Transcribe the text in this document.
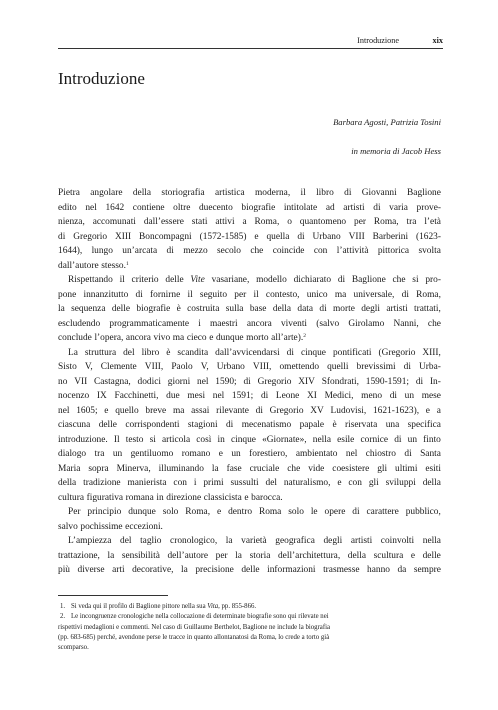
Introduzione	xix
Introduzione
Barbara Agosti, Patrizia Tosini
in memoria di Jacob Hess
Pietra angolare della storiografia artistica moderna, il libro di Giovanni Baglione
edito nel 1642 contiene oltre duecento biografie intitolate ad artisti di varia prove-
nienza, accomunati dall’essere stati attivi a Roma, o quantomeno per Roma, tra l’età
di Gregorio XIII Boncompagni (1572-1585) e quella di Urbano VIII Barberini (1623-
1644), lungo un’arcata di mezzo secolo che coincide con l’attività pittorica svolta
dall’autore stesso.$^1$
Rispettando il criterio delle Vite vasariane, modello dichiarato di Baglione che si pro-
pone innanzitutto di fornirne il seguito per il contesto, unico ma universale, di Roma,
la sequenza delle biografie è costruita sulla base della data di morte degli artisti trattati,
escludendo programmaticamente i maestri ancora viventi (salvo Girolamo Nanni, che
conclude l’opera, ancora vivo ma cieco e dunque morto all’arte).$^2$
La struttura del libro è scandita dall’avvicendarsi di cinque pontificati (Gregorio XIII,
Sisto V, Clemente VIII, Paolo V, Urbano VIII, omettendo quelli brevissimi di Urba-
no VII Castagna, dodici giorni nel 1590; di Gregorio XIV Sfondrati, 1590-1591; di In-
nocenzo IX Facchinetti, due mesi nel 1591; di Leone XI Medici, meno di un mese
nel 1605; e quello breve ma assai rilevante di Gregorio XV Ludovisi, 1621-1623), e a
ciascuna delle corrispondenti stagioni di mecenatismo papale è riservata una specifica
introduzione. Il testo si articola così in cinque «Giornate», nella esile cornice di un finto
dialogo tra un gentiluomo romano e un forestiero, ambientato nel chiostro di Santa
Maria sopra Minerva, illuminando la fase cruciale che vide coesistere gli ultimi esiti
della tradizione manierista con i primi sussulti del naturalismo, e con gli sviluppi della
cultura figurativa romana in direzione classicista e barocca.
Per principio dunque solo Roma, e dentro Roma solo le opere di carattere pubblico,
salvo pochissime eccezioni.
L’ampiezza del taglio cronologico, la varietà geografica degli artisti coinvolti nella
trattazione, la sensibilità dell’autore per la storia dell’architettura, della scultura e delle
più diverse arti decorative, la precisione delle informazioni trasmesse hanno da sempre
1. Si veda qui il profilo di Baglione pittore nella sua Vita, pp. 855-866.
2. Le incongruenze cronologiche nella collocazione di determinate biografie sono qui rilevate nei
rispettivi medaglioni e commenti. Nel caso di Guillaume Berthelot, Baglione ne include la biografia
(pp. 683-685) perché, avendone perse le tracce in quanto allontanatosi da Roma, lo crede a torto già
scomparso.
